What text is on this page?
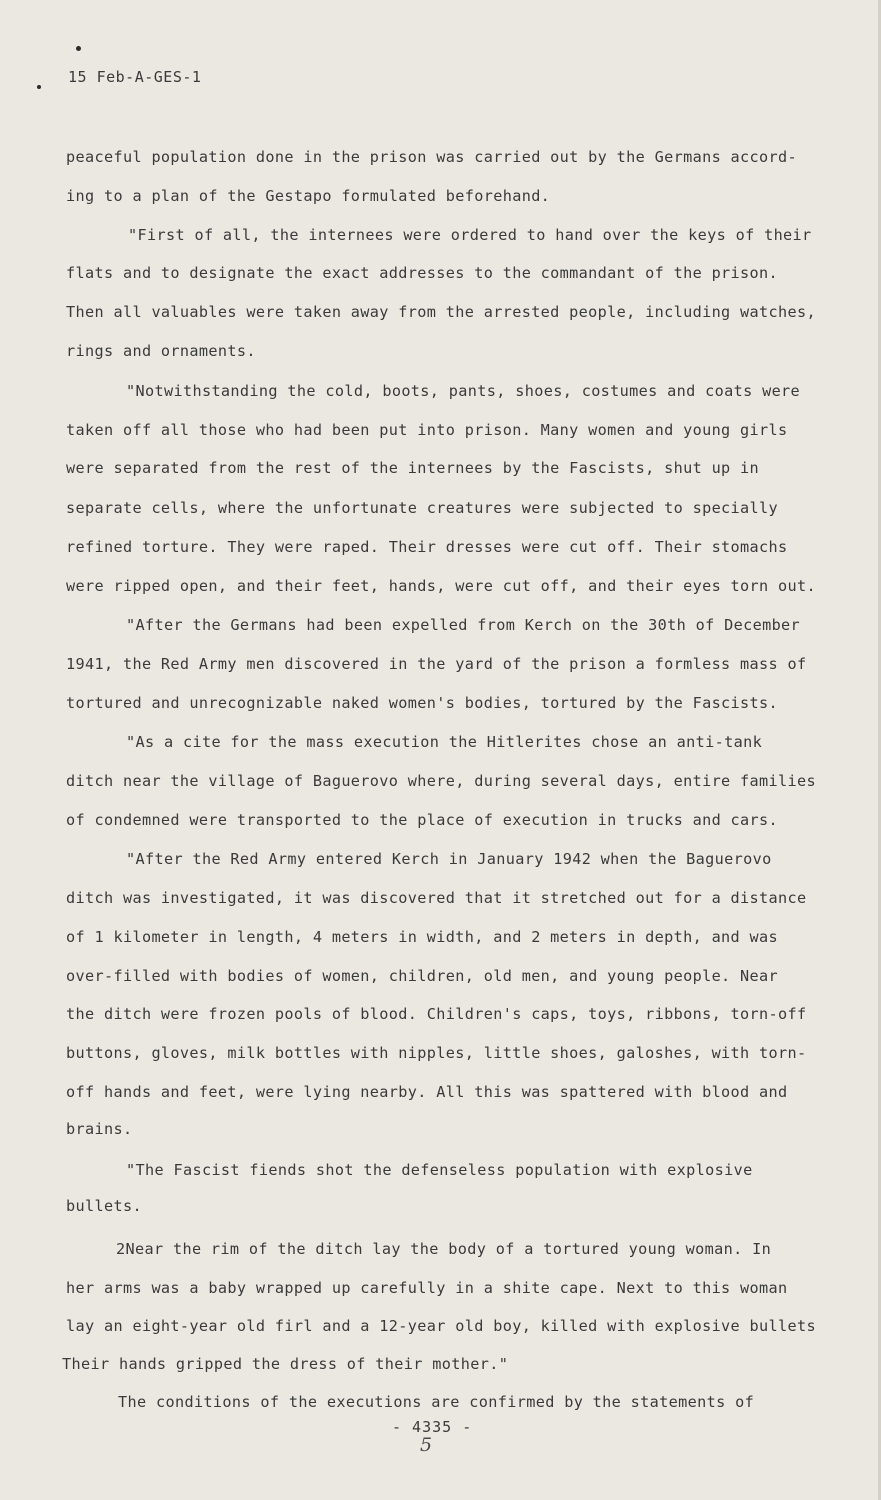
15 Feb-A-GES-1
peaceful population done in the prison was carried out by the Germans accord-
ing to a plan of the Gestapo formulated beforehand.
"First of all, the internees were ordered to hand over the keys of their
flats and to designate the exact addresses to the commandant of the prison.
Then all valuables were taken away from the arrested people, including watches,
rings and ornaments.
"Notwithstanding the cold, boots, pants, shoes, costumes and coats were
taken off all those who had been put into prison. Many women and young girls
were separated from the rest of the internees by the Fascists, shut up in
separate cells, where the unfortunate creatures were subjected to specially
refined torture. They were raped. Their dresses were cut off. Their stomachs
were ripped open, and their feet, hands, were cut off, and their eyes torn out.
"After the Germans had been expelled from Kerch on the 30th of December
1941, the Red Army men discovered in the yard of the prison a formless mass of
tortured and unrecognizable naked women's bodies, tortured by the Fascists.
"As a cite for the mass execution the Hitlerites chose an anti-tank
ditch near the village of Baguerovo where, during several days, entire families
of condemned were transported to the place of execution in trucks and cars.
"After the Red Army entered Kerch in January 1942 when the Baguerovo
ditch was investigated, it was discovered that it stretched out for a distance
of 1 kilometer in length, 4 meters in width, and 2 meters in depth, and was
over-filled with bodies of women, children, old men, and young people. Near
the ditch were frozen pools of blood. Children's caps, toys, ribbons, torn-off
buttons, gloves, milk bottles with nipples, little shoes, galoshes, with torn-
off hands and feet, were lying nearby. All this was spattered with blood and
brains.
"The Fascist fiends shot the defenseless population with explosive
bullets.
2Near the rim of the ditch lay the body of a tortured young woman. In
her arms was a baby wrapped up carefully in a shite cape. Next to this woman
lay an eight-year old firl and a 12-year old boy, killed with explosive bullets
Their hands gripped the dress of their mother."
The conditions of the executions are confirmed by the statements of
- 4335 -
5
